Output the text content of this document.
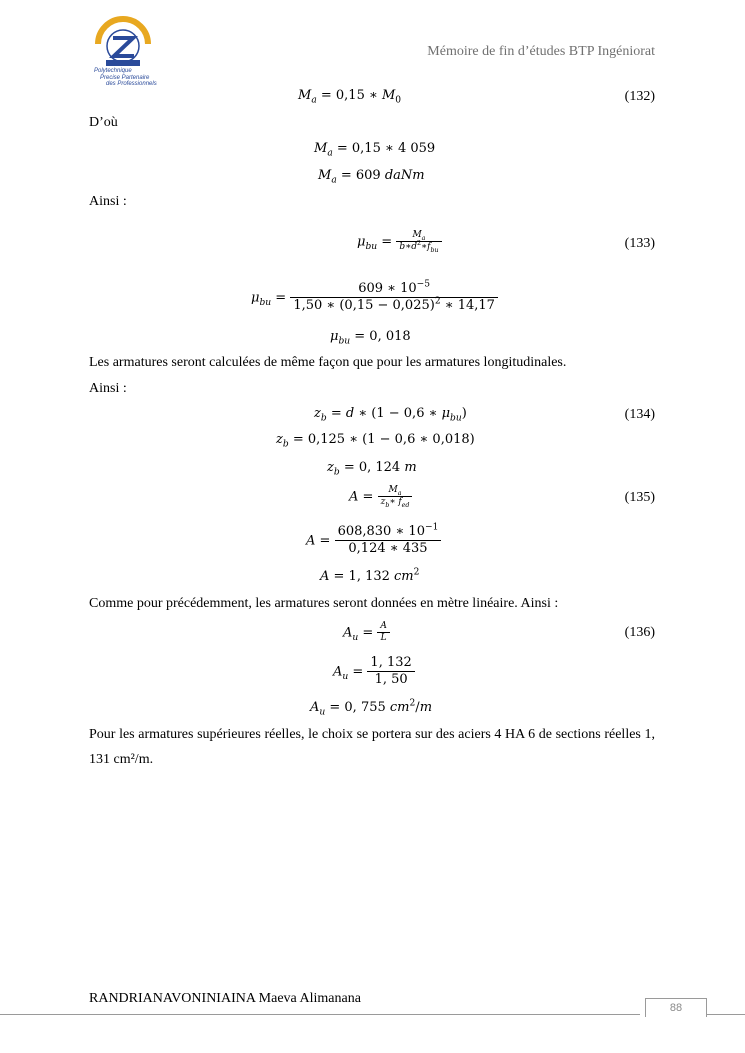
Polytechnique
Precise Partenaire
des Professionnels
Mémoire de fin d’études BTP Ingéniorat
$M_a = 0,15$ ∗ $M_0$	(132)
D’où
$M_a = 0,15$ ∗ 4 059
$M_a = 609$ daNm
Ainsi :
$\mu_{bu} = \frac{M_a}{b∗d^2∗f_{bu}}$	(133)
$\mu_{bu} = \frac{609 ∗ 10^{-5}}{1,50 ∗ (0,15 - 0,025)^2 ∗ 14,17}$
$\mu_{bu} = 0$, 018
Les armatures seront calculées de même façon que pour les armatures longitudinales.
Ainsi :
$z_b = d$ ∗ (1 − 0,6 ∗ $\mu_{bu}$)	(134)
$z_b = 0,125$ ∗ (1 − 0,6 ∗ 0,018)
$z_b = 0$, 124 m
$A = \frac{M_a}{z_b∗ f_{ed}}$	(135)
$A = \frac{608,830 ∗ 10^{-1}}{0,124 ∗ 435}$
A = 1, 132 $cm^2$
Comme pour précédemment, les armatures seront données en mètre linéaire. Ainsi :
$A_u = \frac{A}{L}$	(136)
$A_u = \frac{1, 132}{1, 50}$
$A_u = 0$, 755 $cm^2/m$
Pour les armatures supérieures réelles, le choix se portera sur des aciers 4 HA 6 de sections réelles 1, 131 cm²/m.
RANDRIANAVONINIAINA Maeva Alimanana
88
